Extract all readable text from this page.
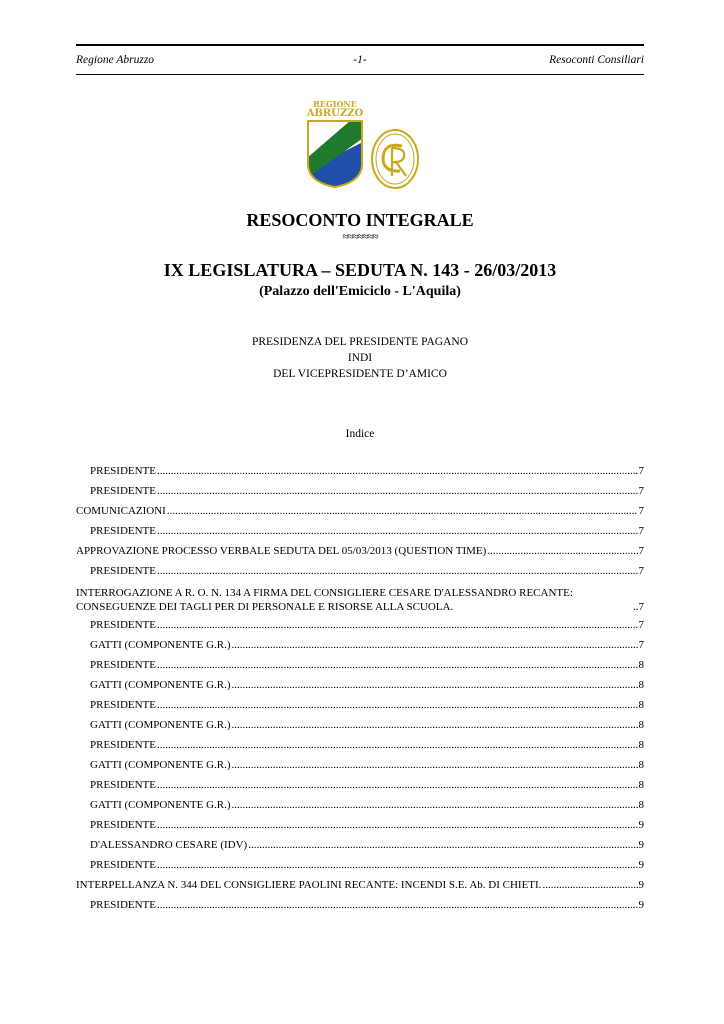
Regione Abruzzo	-1-	Resoconti Consiliari
REGIONE
ABRUZZO
RESOCONTO INTEGRALE
≈≈≈≈≈≈≈
IX LEGISLATURA – SEDUTA N. 143 - 26/03/2013
(Palazzo dell'Emiciclo - L'Aquila)
PRESIDENZA DEL PRESIDENTE PAGANO
INDI
DEL VICEPRESIDENTE D’AMICO
Indice
PRESIDENTE .....	7
PRESIDENTE .....	7
COMUNICAZIONI .....	7
PRESIDENTE .....	7
APPROVAZIONE PROCESSO VERBALE SEDUTA DEL 05/03/2013 (QUESTION TIME) .....	7
PRESIDENTE .....	7
INTERROGAZIONE A R. O. N. 134 A FIRMA DEL CONSIGLIERE CESARE D'ALESSANDRO RECANTE: CONSEGUENZE DEI TAGLI PER DI PERSONALE E RISORSE ALLA SCUOLA. .....	7
PRESIDENTE .....	7
GATTI (COMPONENTE G.R.) .....	7
PRESIDENTE .....	8
GATTI (COMPONENTE G.R.) .....	8
PRESIDENTE .....	8
GATTI (COMPONENTE G.R.) .....	8
PRESIDENTE .....	8
GATTI (COMPONENTE G.R.) .....	8
PRESIDENTE .....	8
GATTI (COMPONENTE G.R.) .....	8
PRESIDENTE .....	9
D'ALESSANDRO CESARE (IDV) .....	9
PRESIDENTE .....	9
INTERPELLANZA N. 344 DEL CONSIGLIERE PAOLINI RECANTE: INCENDI S.E. Ab. DI CHIETI. .....	9
PRESIDENTE .....	9
